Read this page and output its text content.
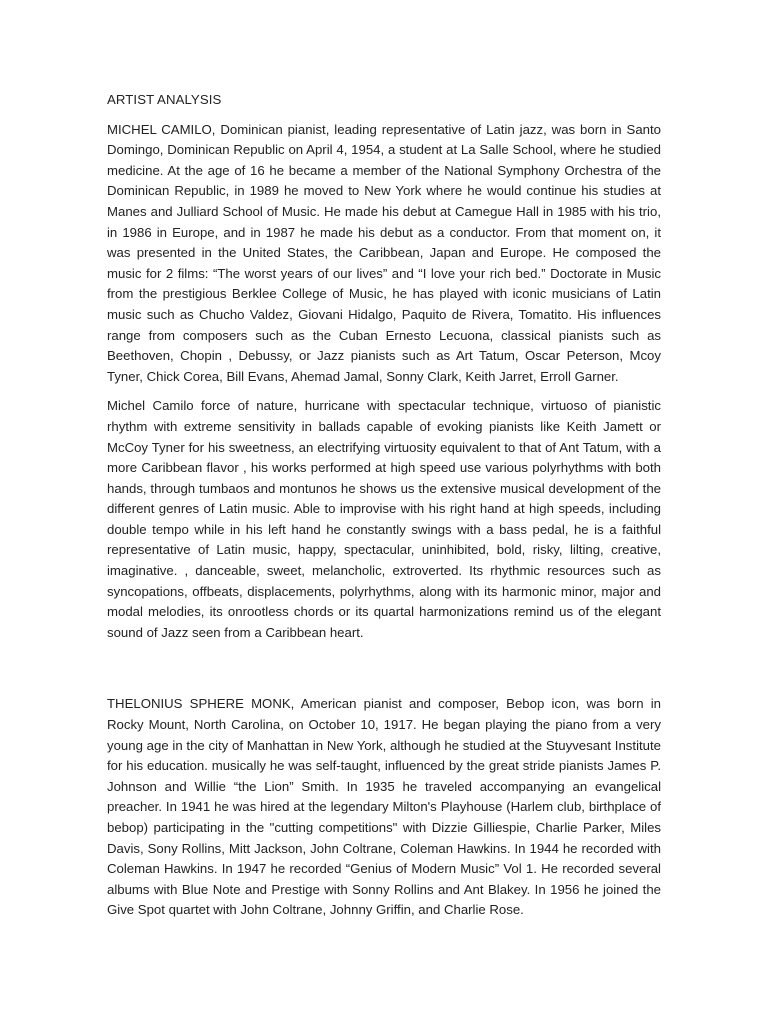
ARTIST ANALYSIS

MICHEL CAMILO, Dominican pianist, leading representative of Latin jazz, was born in Santo Domingo, Dominican Republic on April 4, 1954, a student at La Salle School, where he studied medicine. At the age of 16 he became a member of the National Symphony Orchestra of the Dominican Republic, in 1989 he moved to New York where he would continue his studies at Manes and Julliard School of Music. He made his debut at Camegue Hall in 1985 with his trio, in 1986 in Europe, and in 1987 he made his debut as a conductor. From that moment on, it was presented in the United States, the Caribbean, Japan and Europe. He composed the music for 2 films: “The worst years of our lives” and “I love your rich bed.” Doctorate in Music from the prestigious Berklee College of Music, he has played with iconic musicians of Latin music such as Chucho Valdez, Giovani Hidalgo, Paquito de Rivera, Tomatito. His influences range from composers such as the Cuban Ernesto Lecuona, classical pianists such as Beethoven, Chopin , Debussy, or Jazz pianists such as Art Tatum, Oscar Peterson, Mcoy Tyner, Chick Corea, Bill Evans, Ahemad Jamal, Sonny Clark, Keith Jarret, Erroll Garner.

Michel Camilo force of nature, hurricane with spectacular technique, virtuoso of pianistic rhythm with extreme sensitivity in ballads capable of evoking pianists like Keith Jamett or McCoy Tyner for his sweetness, an electrifying virtuosity equivalent to that of Ant Tatum, with a more Caribbean flavor , his works performed at high speed use various polyrhythms with both hands, through tumbaos and montunos he shows us the extensive musical development of the different genres of Latin music. Able to improvise with his right hand at high speeds, including double tempo while in his left hand he constantly swings with a bass pedal, he is a faithful representative of Latin music, happy, spectacular, uninhibited, bold, risky, lilting, creative, imaginative. , danceable, sweet, melancholic, extroverted. Its rhythmic resources such as syncopations, offbeats, displacements, polyrhythms, along with its harmonic minor, major and modal melodies, its onrootless chords or its quartal harmonizations remind us of the elegant sound of Jazz seen from a Caribbean heart.

THELONIUS SPHERE MONK, American pianist and composer, Bebop icon, was born in Rocky Mount, North Carolina, on October 10, 1917. He began playing the piano from a very young age in the city of Manhattan in New York, although he studied at the Stuyvesant Institute for his education. musically he was self-taught, influenced by the great stride pianists James P. Johnson and Willie “the Lion” Smith. In 1935 he traveled accompanying an evangelical preacher. In 1941 he was hired at the legendary Milton's Playhouse (Harlem club, birthplace of bebop) participating in the "cutting competitions" with Dizzie Gilliespie, Charlie Parker, Miles Davis, Sony Rollins, Mitt Jackson, John Coltrane, Coleman Hawkins. In 1944 he recorded with Coleman Hawkins. In 1947 he recorded “Genius of Modern Music” Vol 1. He recorded several albums with Blue Note and Prestige with Sonny Rollins and Ant Blakey. In 1956 he joined the Give Spot quartet with John Coltrane, Johnny Griffin, and Charlie Rose.
